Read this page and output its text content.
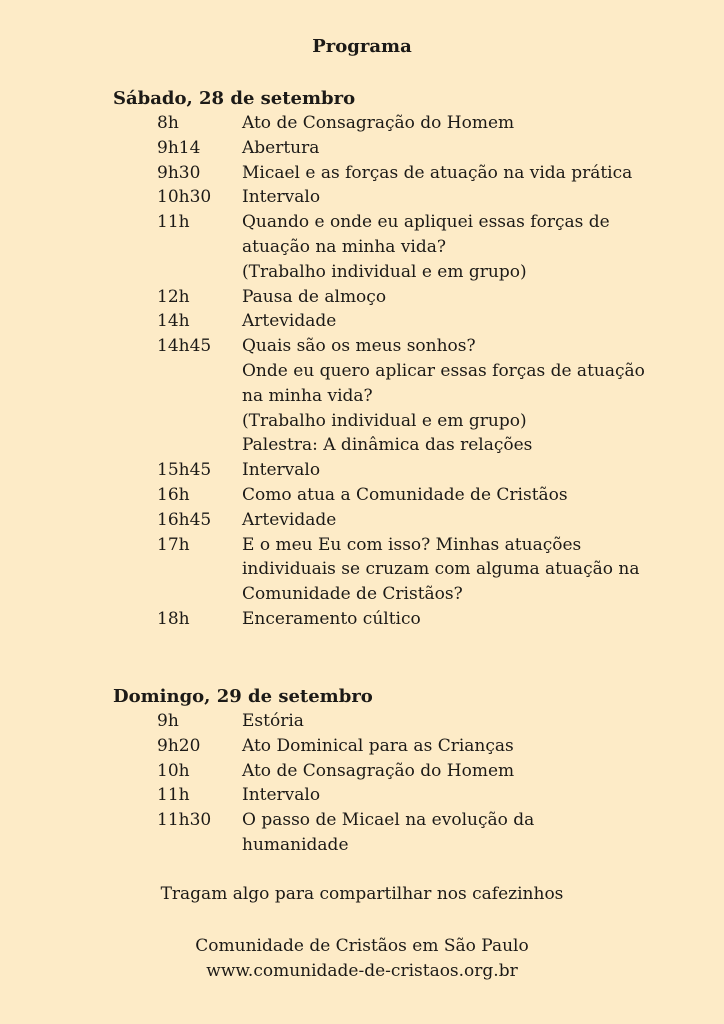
Programa
Sábado, 28 de setembro
8h	Ato de Consagração do Homem
9h14	Abertura
9h30	Micael e as forças de atuação na vida prática
10h30	Intervalo
11h	Quando e onde eu apliquei essas forças de
atuação na minha vida?
(Trabalho individual e em grupo)
12h	Pausa de almoço
14h	Artevidade
14h45	Quais são os meus sonhos?
Onde eu quero aplicar essas forças de atuação
na minha vida?
(Trabalho individual e em grupo)
Palestra: A dinâmica das relações
15h45	Intervalo
16h	Como atua a Comunidade de Cristãos
16h45	Artevidade
17h	E o meu Eu com isso? Minhas atuações
individuais se cruzam com alguma atuação na
Comunidade de Cristãos?
18h	Enceramento cúltico
Domingo, 29 de setembro
9h	Estória
9h20	Ato Dominical para as Crianças
10h	Ato de Consagração do Homem
11h	Intervalo
11h30	O passo de Micael na evolução da
humanidade
Tragam algo para compartilhar nos cafezinhos
Comunidade de Cristãos em São Paulo
www.comunidade-de-cristaos.org.br
